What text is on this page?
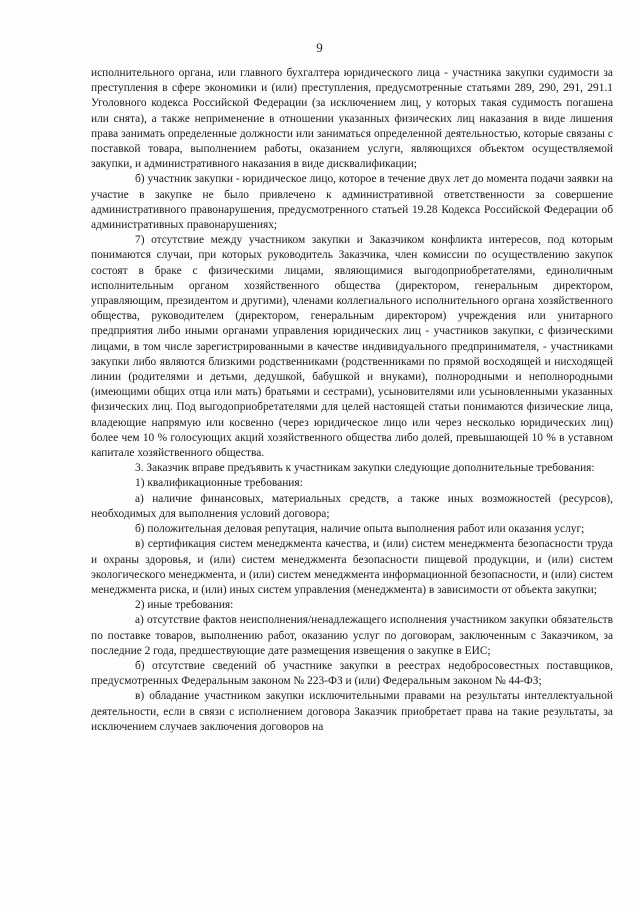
9

исполнительного органа, или главного бухгалтера юридического лица - участника закупки судимости за преступления в сфере экономики и (или) преступления, предусмотренные статьями 289, 290, 291, 291.1 Уголовного кодекса Российской Федерации (за исключением лиц, у которых такая судимость погашена или снята), а также неприменение в отношении указанных физических лиц наказания в виде лишения права занимать определенные должности или заниматься определенной деятельностью, которые связаны с поставкой товара, выполнением работы, оказанием услуги, являющихся объектом осуществляемой закупки, и административного наказания в виде дисквалификации;

б) участник закупки - юридическое лицо, которое в течение двух лет до момента подачи заявки на участие в закупке не было привлечено к административной ответственности за совершение административного правонарушения, предусмотренного статьей 19.28 Кодекса Российской Федерации об административных правонарушениях;

7) отсутствие между участником закупки и Заказчиком конфликта интересов, под которым понимаются случаи, при которых руководитель Заказчика, член комиссии по осуществлению закупок состоят в браке с физическими лицами, являющимися выгодоприобретателями, единоличным исполнительным органом хозяйственного общества (директором, генеральным директором, управляющим, президентом и другими), членами коллегиального исполнительного органа хозяйственного общества, руководителем (директором, генеральным директором) учреждения или унитарного предприятия либо иными органами управления юридических лиц - участников закупки, с физическими лицами, в том числе зарегистрированными в качестве индивидуального предпринимателя, - участниками закупки либо являются близкими родственниками (родственниками по прямой восходящей и нисходящей линии (родителями и детьми, дедушкой, бабушкой и внуками), полнородными и неполнородными (имеющими общих отца или мать) братьями и сестрами), усыновителями или усыновленными указанных физических лиц. Под выгодоприобретателями для целей настоящей статьи понимаются физические лица, владеющие напрямую или косвенно (через юридическое лицо или через несколько юридических лиц) более чем 10 % голосующих акций хозяйственного общества либо долей, превышающей 10 % в уставном капитале хозяйственного общества.

3. Заказчик вправе предъявить к участникам закупки следующие дополнительные требования:

1) квалификационные требования:

а) наличие финансовых, материальных средств, а также иных возможностей (ресурсов), необходимых для выполнения условий договора;

б) положительная деловая репутация, наличие опыта выполнения работ или оказания услуг;

в) сертификация систем менеджмента качества, и (или) систем менеджмента безопасности труда и охраны здоровья, и (или) систем менеджмента безопасности пищевой продукции, и (или) систем экологического менеджмента, и (или) систем менеджмента информационной безопасности, и (или) систем менеджмента риска, и (или) иных систем управления (менеджмента) в зависимости от объекта закупки;

2) иные требования:

а) отсутствие фактов неисполнения/ненадлежащего исполнения участником закупки обязательств по поставке товаров, выполнению работ, оказанию услуг по договорам, заключенным с Заказчиком, за последние 2 года, предшествующие дате размещения извещения о закупке в ЕИС;

б) отсутствие сведений об участнике закупки в реестрах недобросовестных поставщиков, предусмотренных Федеральным законом № 223-ФЗ и (или) Федеральным законом № 44-ФЗ;

в) обладание участником закупки исключительными правами на результаты интеллектуальной деятельности, если в связи с исполнением договора Заказчик приобретает права на такие результаты, за исключением случаев заключения договоров на
